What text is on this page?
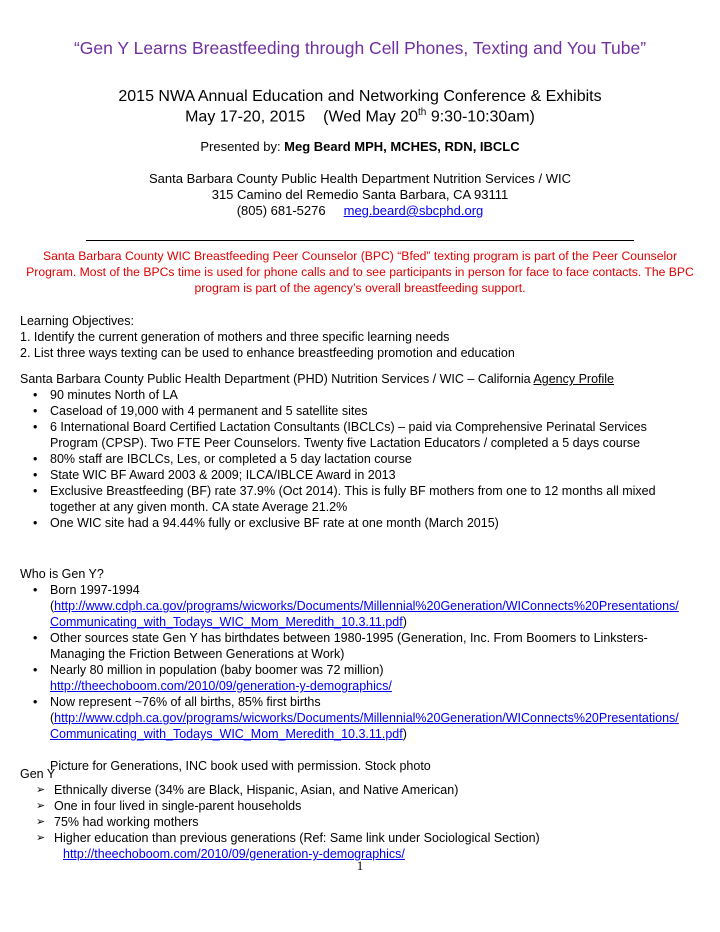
“Gen Y Learns Breastfeeding through Cell Phones, Texting and You Tube”
2015 NWA Annual Education and Networking Conference & Exhibits
May 17-20, 2015 (Wed May 20th 9:30-10:30am)
Presented by: Meg Beard MPH, MCHES, RDN, IBCLC
Santa Barbara County Public Health Department Nutrition Services / WIC
315 Camino del Remedio Santa Barbara, CA 93111
(805) 681-5276 meg.beard@sbcphd.org
Santa Barbara County WIC Breastfeeding Peer Counselor (BPC) “Bfed” texting program is part of the Peer Counselor Program. Most of the BPCs time is used for phone calls and to see participants in person for face to face contacts. The BPC program is part of the agency’s overall breastfeeding support.

Learning Objectives:

1. Identify the current generation of mothers and three specific learning needs

2. List three ways texting can be used to enhance breastfeeding promotion and education

Santa Barbara County Public Health Department (PHD) Nutrition Services / WIC – California Agency Profile

• 90 minutes North of LA
• Caseload of 19,000 with 4 permanent and 5 satellite sites
• 6 International Board Certified Lactation Consultants (IBCLCs) – paid via Comprehensive Perinatal Services Program (CPSP). Two FTE Peer Counselors. Twenty five Lactation Educators / completed a 5 days course
• 80% staff are IBCLCs, Les, or completed a 5 day lactation course
• State WIC BF Award 2003 & 2009; ILCA/IBLCE Award in 2013
• Exclusive Breastfeeding (BF) rate 37.9% (Oct 2014). This is fully BF mothers from one to 12 months all mixed together at any given month. CA state Average 21.2%
• One WIC site had a 94.44% fully or exclusive BF rate at one month (March 2015)

Who is Gen Y?

• Born 1997-1994
(http://www.cdph.ca.gov/programs/wicworks/Documents/Millennial%20Generation/WIConnects%20Presentations/Communicating_with_Todays_WIC_Mom_Meredith_10.3.11.pdf)
• Other sources state Gen Y has birthdates between 1980-1995 (Generation, Inc. From Boomers to Linksters-Managing the Friction Between Generations at Work)
• Nearly 80 million in population (baby boomer was 72 million)
http://theechoboom.com/2010/09/generation-y-demographics/
• Now represent ~76% of all births, 85% first births
(http://www.cdph.ca.gov/programs/wicworks/Documents/Millennial%20Generation/WIConnects%20Presentations/Communicating_with_Todays_WIC_Mom_Meredith_10.3.11.pdf)

Picture for Generations, INC book used with permission. Stock photo

Gen Y

➢ Ethnically diverse (34% are Black, Hispanic, Asian, and Native American)
➢ One in four lived in single-parent households
➢ 75% had working mothers
➢ Higher education than previous generations (Ref: Same link under Sociological Section)

http://theechoboom.com/2010/09/generation-y-demographics/

1
